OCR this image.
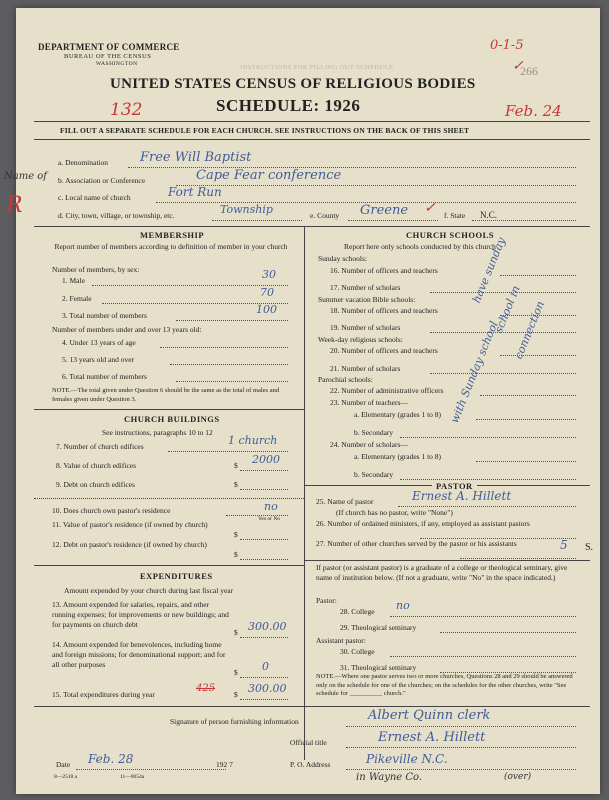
DEPARTMENT OF COMMERCE
BUREAU OF THE CENSUS
WASHINGTON	INSTRUCTIONS FOR FILLING OUT SCHEDULE	266
UNITED STATES CENSUS OF RELIGIOUS BODIES
SCHEDULE: 1926
FILL OUT A SEPARATE SCHEDULE FOR EACH CHURCH. SEE INSTRUCTIONS ON THE BACK OF THIS SHEET
132
0-1-5
✓
Feb. 24
Name of
R
S.
a. Denomination Free Will Baptist
b. Association or Conference	Cape Fear conference
c. Local name of church	Fort Run
d. City, town, village, or township, etc.	Township	e. County Greene ✓ f. State N.C.
MEMBERSHIP
Report number of members according to definition of member in your church
Number of members, by sex:
1. Male	30
2. Female	70
3. Total number of members	100
Number of members under and over 13 years old:
4. Under 13 years of age
5. 13 years old and over
6. Total number of members
NOTE.—The total given under Question 6 should be the same as the total of males and females given under Question 3.
CHURCH BUILDINGS
See instructions, paragraphs 10 to 12
7. Number of church edifices	1 church
8. Value of church edifices	$ 2000
9. Debt on church edifices	$
10. Does church own pastor's residence	no
Yes or No
11. Value of pastor's residence (if owned by church)
$
12. Debt on pastor's residence (if owned by church)
$
EXPENDITURES
Amount expended by your church during last fiscal year
13. Amount expended for salaries, repairs, and other running expenses; for improvements or new buildings; and for payments on church debt
$ 300.00
14. Amount expended for benevolences, including home and foreign missions; for denominational support; and for all other purposes
$ 0
15. Total expenditures during year
425
$ 300.00
CHURCH SCHOOLS
Report here only schools conducted by this church
Sunday schools:
16. Number of officers and teachers
17. Number of scholars
Summer vacation Bible schools:
18. Number of officers and teachers
19. Number of scholars
Week-day religious schools:
20. Number of officers and teachers
21. Number of scholars
Parochial schools:
22. Number of administrative officers
23. Number of teachers—
a. Elementary (grades 1 to 8)
b. Secondary
24. Number of scholars—
a. Elementary (grades 1 to 8)
b. Secondary
have sunday
school in
connection
with Sunday school
PASTOR
25. Name of pastor	Ernest A. Hillett
(If church has no pastor, write "None")
26. Number of ordained ministers, if any, employed as assistant pastors
27. Number of other churches served by the pastor or his assistants	5
If pastor (or assistant pastor) is a graduate of a college or theological seminary, give name of institution below. (If not a graduate, write "No" in the space indicated.)
Pastor:
28. College no
29. Theological seminary
Assistant pastor:
30. College
31. Theological seminary
NOTE.—Where one pastor serves two or more churches, Questions 28 and 29 should be answered only on the schedule for one of the churches; on the schedules for the other churches, write "See schedule for __________ church."
Signature of person furnishing information	Albert Quinn clerk
Official title	Ernest A. Hillett
Date Feb. 28	192 7	P. O. Address	Pikeville N.C.
in Wayne Co.	(over)
8—2518 a	11—0054a
